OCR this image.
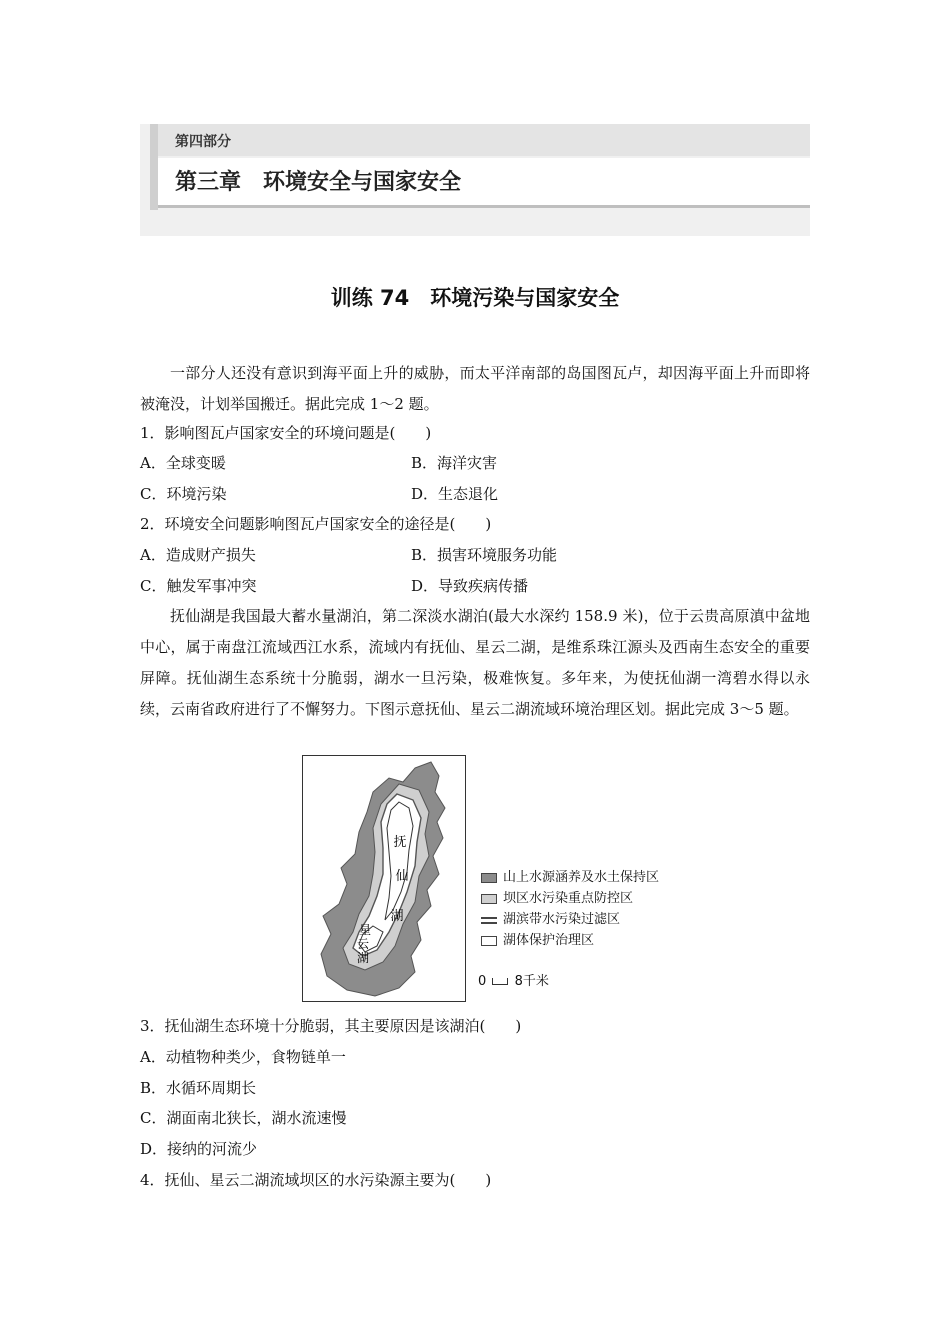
第四部分
第三章　环境安全与国家安全
训练 74　环境污染与国家安全

一部分人还没有意识到海平面上升的威胁，而太平洋南部的岛国图瓦卢，却因海平面上升而即将被淹没，计划举国搬迁。据此完成 1～2 题。

1．影响图瓦卢国家安全的环境问题是(　　)
A．全球变暖	B．海洋灾害
C．环境污染	D．生态退化
2．环境安全问题影响图瓦卢国家安全的途径是(　　)
A．造成财产损失	B．损害环境服务功能
C．触发军事冲突	D．导致疾病传播

抚仙湖是我国最大蓄水量湖泊，第二深淡水湖泊(最大水深约 158.9 米)，位于云贵高原滇中盆地中心，属于南盘江流域西江水系，流域内有抚仙、星云二湖，是维系珠江源头及西南生态安全的重要屏障。抚仙湖生态系统十分脆弱，湖水一旦污染，极难恢复。多年来，为使抚仙湖一湾碧水得以永续，云南省政府进行了不懈努力。下图示意抚仙、星云二湖流域环境治理区划。据此完成 3～5 题。

抚
仙
湖
星
云
湖
山上水源涵养及水土保持区
坝区水污染重点防控区
湖滨带水污染过滤区
湖体保护治理区
0 8千米
3．抚仙湖生态环境十分脆弱，其主要原因是该湖泊(　　)
A．动植物种类少，食物链单一
B．水循环周期长
C．湖面南北狭长，湖水流速慢
D．接纳的河流少
4．抚仙、星云二湖流域坝区的水污染源主要为(　　)
